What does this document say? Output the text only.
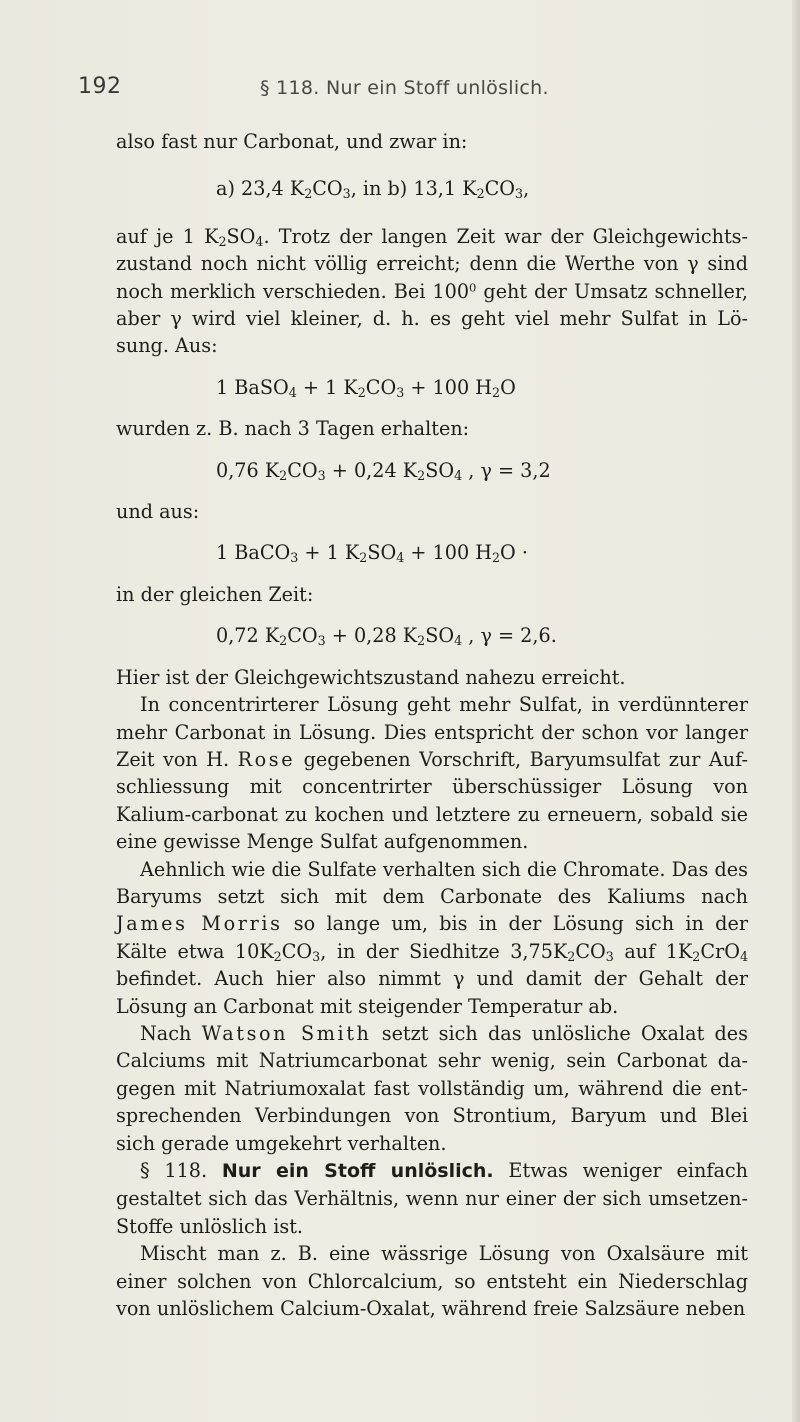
192	§ 118. Nur ein Stoff unlöslich.

also fast nur Carbonat, und zwar in:

a) 23,4 $K_2CO_3$, in b) 13,1 $K_2CO_3$,

auf je 1 $K_2SO_4$. Trotz der langen Zeit war der Gleichgewichts-zustand noch nicht völlig erreicht; denn die Werthe von γ sind noch merklich verschieden. Bei $100^0$ geht der Umsatz schneller, aber γ wird viel kleiner, d. h. es geht viel mehr Sulfat in Lö-sung. Aus:

1 BaSO$_4$ + 1 $K_2CO_3 + 100$ $H_2O$

wurden z. B. nach 3 Tagen erhalten:

0,76 $K_2CO_3 + 0,24$ $K_2SO_4$ , γ = 3,2

und aus:

1 BaCO$_3$ + 1 $K_2SO_4 + 100$ $H_2O$ ·

in der gleichen Zeit:

0,72 $K_2CO_3 + 0,28$ $K_2SO_4$ , γ = 2,6.

Hier ist der Gleichgewichtszustand nahezu erreicht.

In concentrirterer Lösung geht mehr Sulfat, in verdünnterer mehr Carbonat in Lösung. Dies entspricht der schon vor langer Zeit von H. Rose gegebenen Vorschrift, Baryumsulfat zur Auf-schliessung mit concentrirter überschüssiger Lösung von Kalium-carbonat zu kochen und letztere zu erneuern, sobald sie eine gewisse Menge Sulfat aufgenommen.

Aehnlich wie die Sulfate verhalten sich die Chromate. Das des Baryums setzt sich mit dem Carbonate des Kaliums nach James Morris so lange um, bis in der Lösung sich in der Kälte etwa $10K_2CO_3$, in der Siedhitze $3,75K_2CO_3$ auf $1K_2CrO_4$ befindet. Auch hier also nimmt γ und damit der Gehalt der Lösung an Carbonat mit steigender Temperatur ab.

Nach Watson Smith setzt sich das unlösliche Oxalat des Calciums mit Natriumcarbonat sehr wenig, sein Carbonat da-gegen mit Natriumoxalat fast vollständig um, während die ent-sprechenden Verbindungen von Strontium, Baryum und Blei sich gerade umgekehrt verhalten.

§ 118. Nur ein Stoff unlöslich. Etwas weniger einfach gestaltet sich das Verhältnis, wenn nur einer der sich umsetzen-Stoffe unlöslich ist.

Mischt man z. B. eine wässrige Lösung von Oxalsäure mit einer solchen von Chlorcalcium, so entsteht ein Niederschlag von unlöslichem Calcium-Oxalat, während freie Salzsäure neben
